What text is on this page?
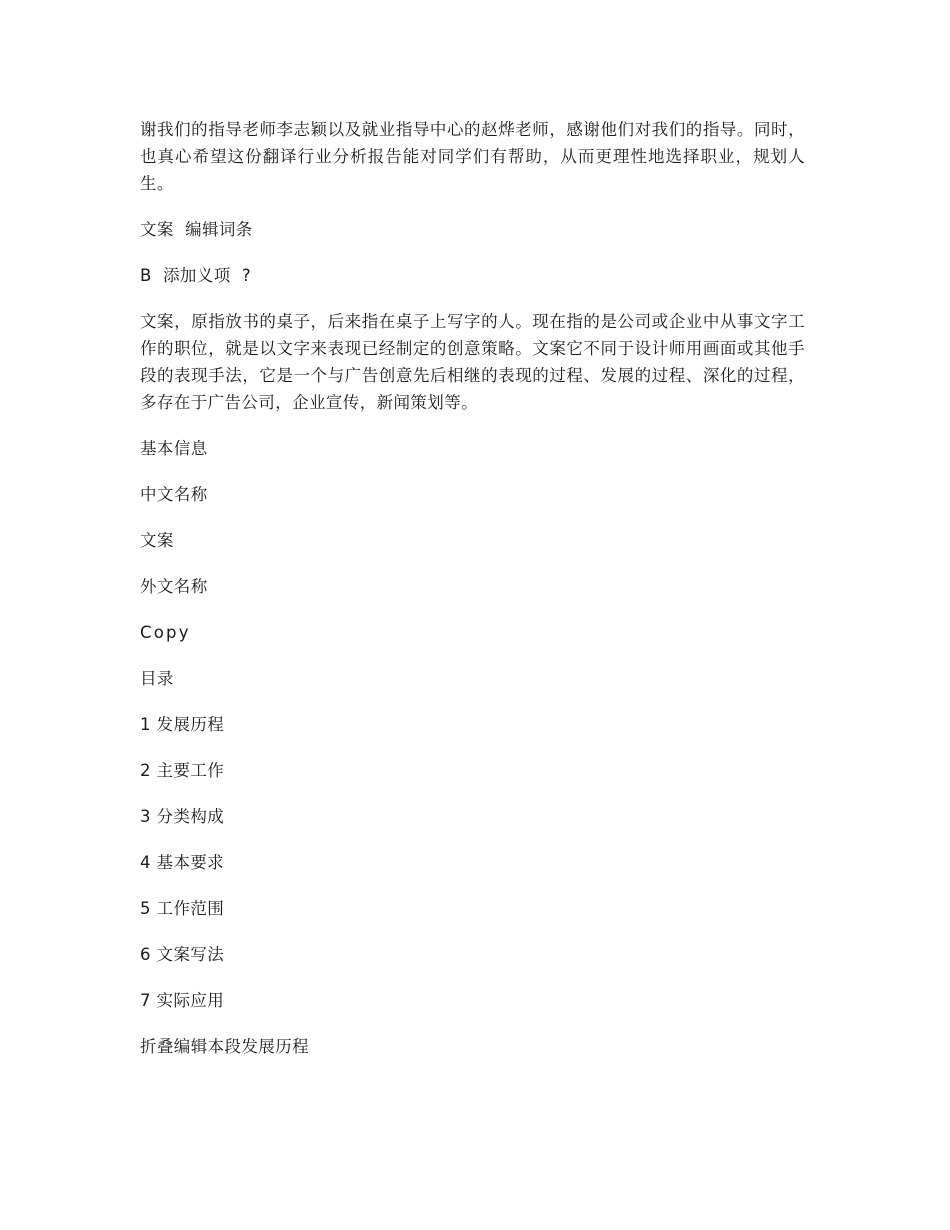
谢我们的指导老师李志颖以及就业指导中心的赵烨老师，感谢他们对我们的指导。同时，也真心希望这份翻译行业分析报告能对同学们有帮助，从而更理性地选择职业，规划人生。

文案  编辑词条

B  添加义项  ?

文案，原指放书的桌子，后来指在桌子上写字的人。现在指的是公司或企业中从事文字工作的职位，就是以文字来表现已经制定的创意策略。文案它不同于设计师用画面或其他手段的表现手法，它是一个与广告创意先后相继的表现的过程、发展的过程、深化的过程，  多存在于广告公司，企业宣传，新闻策划等。

基本信息

中文名称

文案

外文名称

Copy

目录

1 发展历程

2 主要工作

3 分类构成

4 基本要求

5 工作范围

6 文案写法

7 实际应用

折叠编辑本段发展历程
